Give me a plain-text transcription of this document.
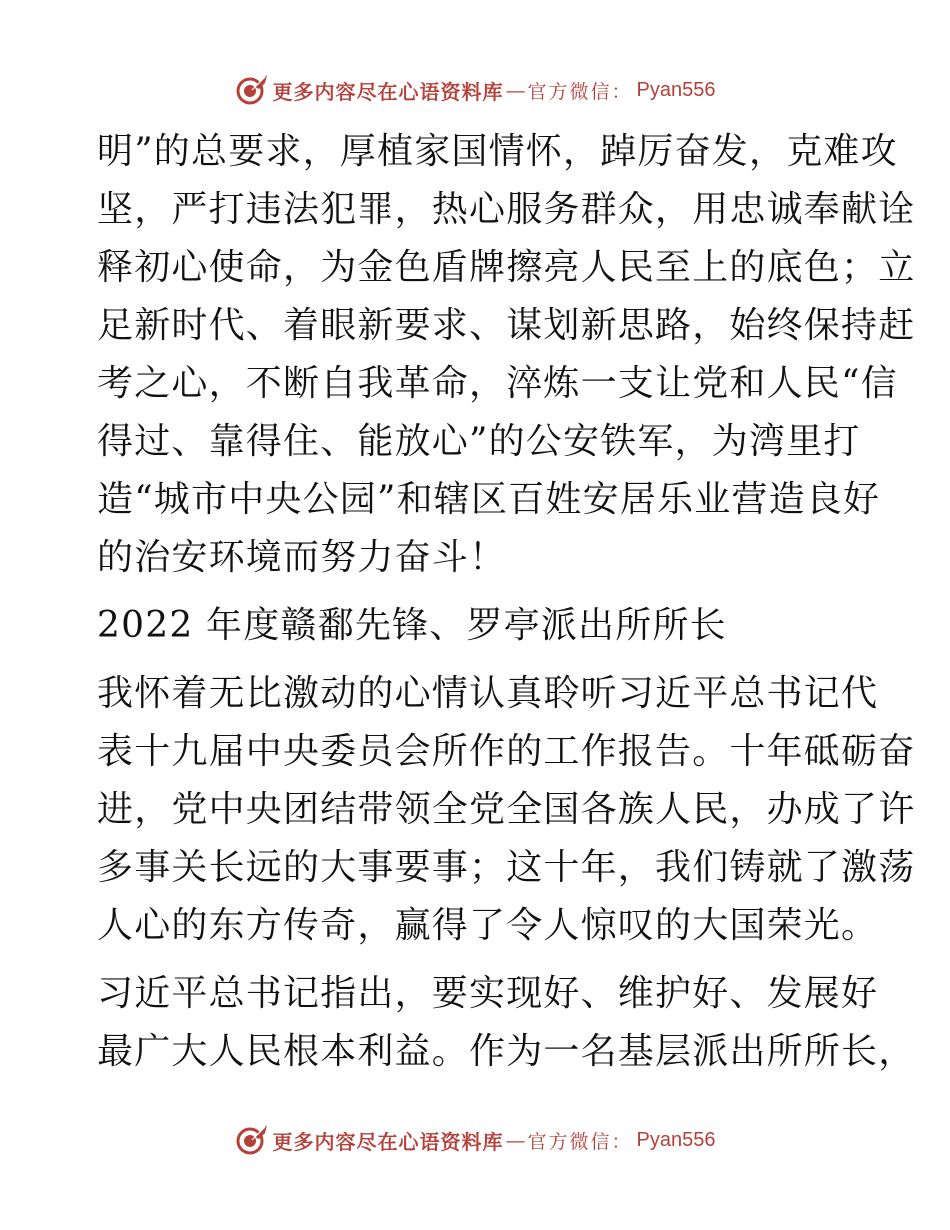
更多内容尽在心语资料库 — 官方微信： Pyan556
明”的总要求，厚植家国情怀，踔厉奋发，克难攻
坚，严打违法犯罪，热心服务群众，用忠诚奉献诠
释初心使命，为金色盾牌擦亮人民至上的底色；立
足新时代、着眼新要求、谋划新思路，始终保持赶
考之心，不断自我革命，淬炼一支让党和人民“信
得过、靠得住、能放心”的公安铁军，为湾里打
造“城市中央公园”和辖区百姓安居乐业营造良好
的治安环境而努力奋斗！
2022 年度赣鄱先锋、罗亭派出所所长
我怀着无比激动的心情认真聆听习近平总书记代
表十九届中央委员会所作的工作报告。十年砥砺奋
进，党中央团结带领全党全国各族人民，办成了许
多事关长远的大事要事；这十年，我们铸就了激荡
人心的东方传奇，赢得了令人惊叹的大国荣光。
习近平总书记指出，要实现好、维护好、发展好
最广大人民根本利益。作为一名基层派出所所长，
更多内容尽在心语资料库 — 官方微信： Pyan556
